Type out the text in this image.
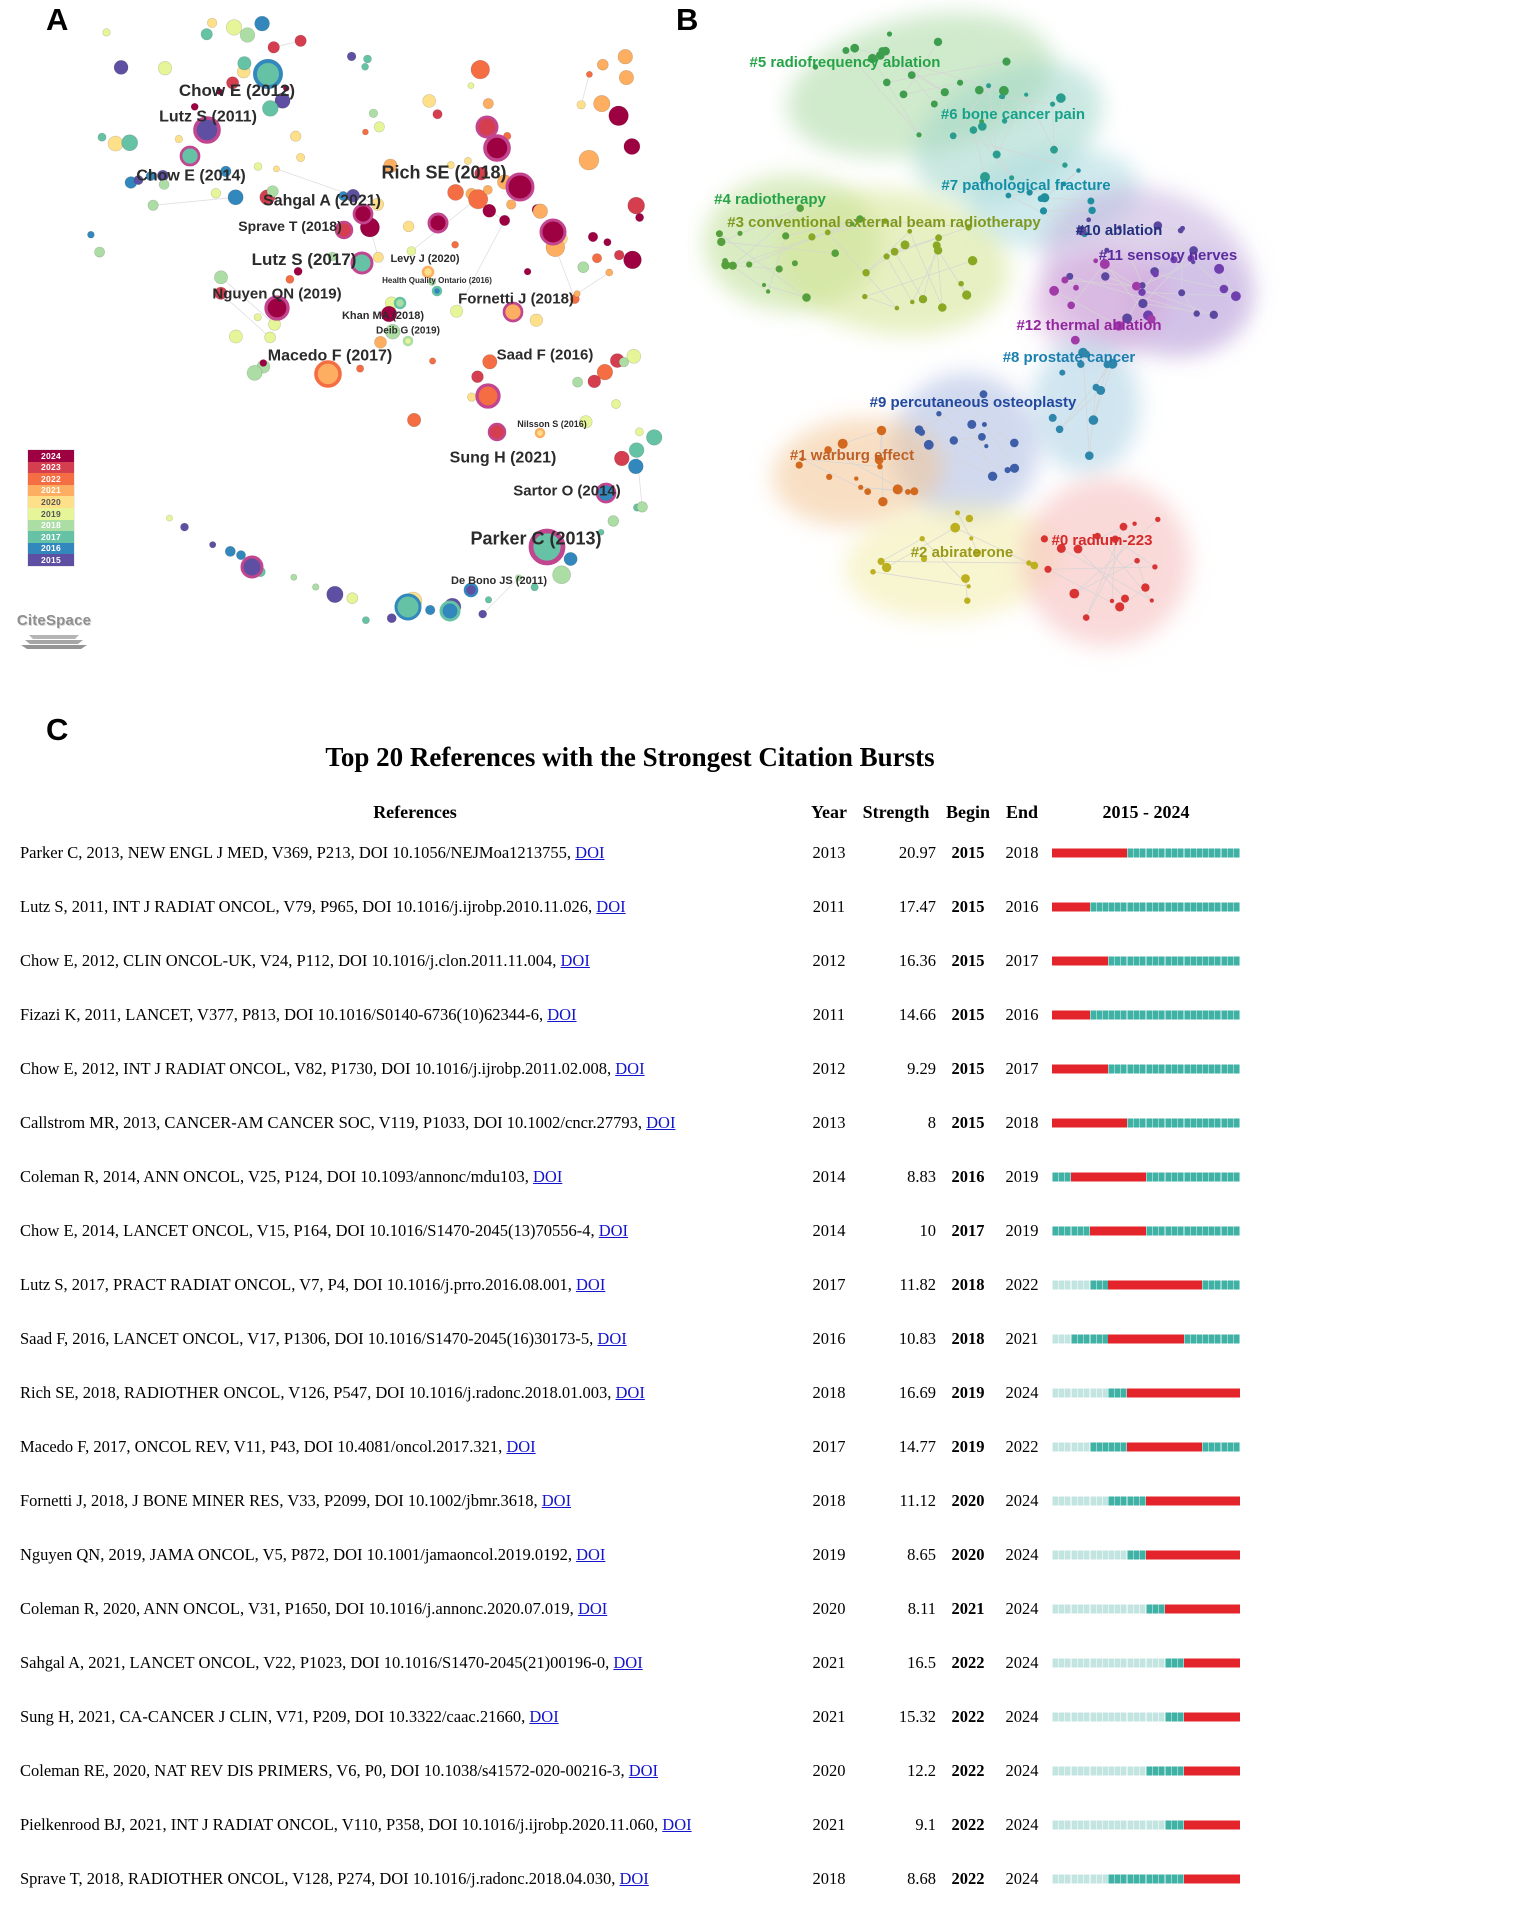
A	B
C
Chow E (2012)
Lutz S (2011)
Chow E (2014)	Rich SE (2018)
Sahgal A (2021)
Sprave T (2018)
Lutz S (2017)	Levy J (2020)
Health Quality Ontario (2016)
Nguyen QN (2019)	Fornetti J (2018)
Khan MA (2018)
Deib G (2019)
Macedo F (2017)	Saad F (2016)
Nilsson S (2016)
Sung H (2021)
Sartor O (2014)
Parker C (2013)
De Bono JS (2011)
2024
2023
2022
2021
2020
2019
2018
2017
2016
2015
CiteSpace
#5 radiofrequency ablation
#6 bone cancer pain
#7 pathological fracture
#4 radiotherapy
#3 conventional external beam radiotherapy #10 ablation
#11 sensory nerves
#12 thermal ablation
#8 prostate cancer
#9 percutaneous osteoplasty
#1 warburg effect
#2 abiraterone
#0 radium-223
Top 20 References with the Strongest Citation Bursts
References	Year Strength Begin End	2015 - 2024
Parker C, 2013, NEW ENGL J MED, V369, P213, DOI 10.1056/NEJMoa1213755, DOI	2013	20.97 2015	2018
Lutz S, 2011, INT J RADIAT ONCOL, V79, P965, DOI 10.1016/j.ijrobp.2010.11.026, DOI	2011	17.47 2015	2016
Chow E, 2012, CLIN ONCOL-UK, V24, P112, DOI 10.1016/j.clon.2011.11.004, DOI	2012	16.36 2015	2017
Fizazi K, 2011, LANCET, V377, P813, DOI 10.1016/S0140-6736(10)62344-6, DOI	2011	14.66 2015	2016
Chow E, 2012, INT J RADIAT ONCOL, V82, P1730, DOI 10.1016/j.ijrobp.2011.02.008, DOI	2012	9.29 2015	2017
Callstrom MR, 2013, CANCER-AM CANCER SOC, V119, P1033, DOI 10.1002/cncr.27793, DOI	2013	8 2015	2018
Coleman R, 2014, ANN ONCOL, V25, P124, DOI 10.1093/annonc/mdu103, DOI	2014	8.83 2016	2019
Chow E, 2014, LANCET ONCOL, V15, P164, DOI 10.1016/S1470-2045(13)70556-4, DOI	2014	10 2017	2019
Lutz S, 2017, PRACT RADIAT ONCOL, V7, P4, DOI 10.1016/j.prro.2016.08.001, DOI	2017	11.82 2018	2022
Saad F, 2016, LANCET ONCOL, V17, P1306, DOI 10.1016/S1470-2045(16)30173-5, DOI	2016	10.83 2018	2021
Rich SE, 2018, RADIOTHER ONCOL, V126, P547, DOI 10.1016/j.radonc.2018.01.003, DOI	2018	16.69 2019	2024
Macedo F, 2017, ONCOL REV, V11, P43, DOI 10.4081/oncol.2017.321, DOI	2017	14.77 2019	2022
Fornetti J, 2018, J BONE MINER RES, V33, P2099, DOI 10.1002/jbmr.3618, DOI	2018	11.12 2020	2024
Nguyen QN, 2019, JAMA ONCOL, V5, P872, DOI 10.1001/jamaoncol.2019.0192, DOI	2019	8.65 2020	2024
Coleman R, 2020, ANN ONCOL, V31, P1650, DOI 10.1016/j.annonc.2020.07.019, DOI	2020	8.11 2021	2024
Sahgal A, 2021, LANCET ONCOL, V22, P1023, DOI 10.1016/S1470-2045(21)00196-0, DOI	2021	16.5 2022	2024
Sung H, 2021, CA-CANCER J CLIN, V71, P209, DOI 10.3322/caac.21660, DOI	2021	15.32 2022	2024
Coleman RE, 2020, NAT REV DIS PRIMERS, V6, P0, DOI 10.1038/s41572-020-00216-3, DOI	2020	12.2 2022	2024
Pielkenrood BJ, 2021, INT J RADIAT ONCOL, V110, P358, DOI 10.1016/j.ijrobp.2020.11.060, DOI	2021	9.1 2022	2024
Sprave T, 2018, RADIOTHER ONCOL, V128, P274, DOI 10.1016/j.radonc.2018.04.030, DOI	2018	8.68 2022	2024
